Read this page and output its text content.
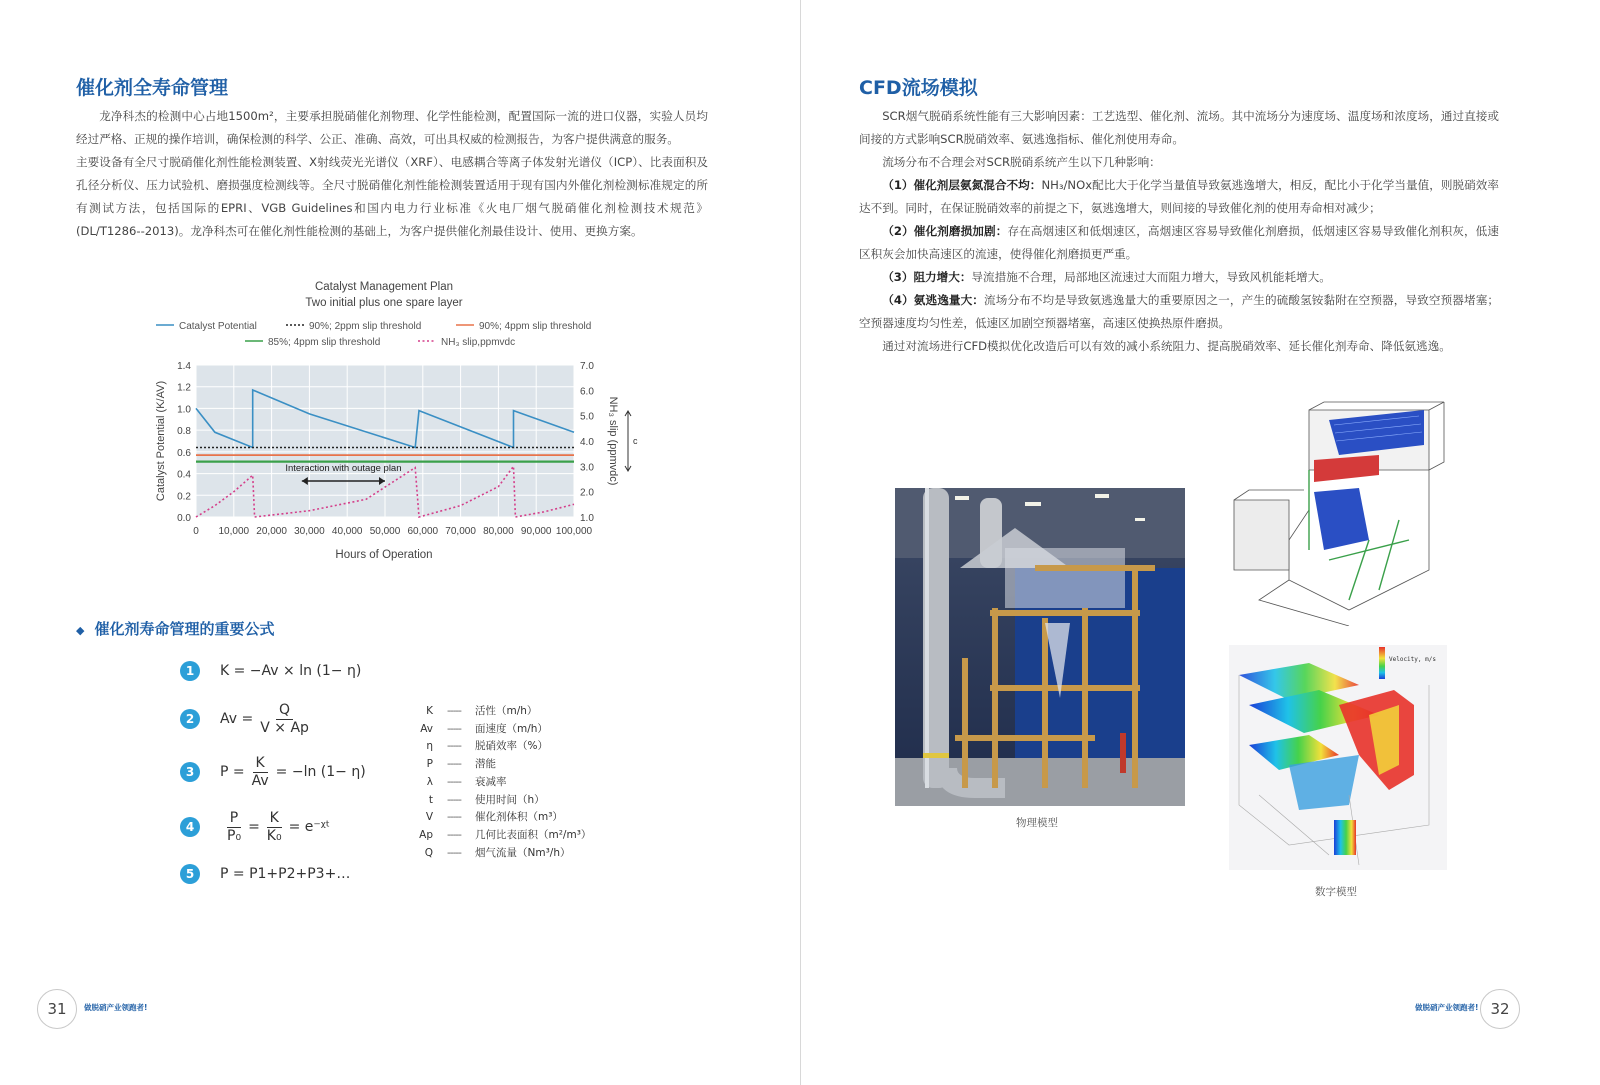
催化剂全寿命管理

龙净科杰的检测中心占地1500m²，主要承担脱硝催化剂物理、化学性能检测，配置国际一流的进口仪器，实验人员均经过严格、正规的操作培训，确保检测的科学、公正、准确、高效，可出具权威的检测报告，为客户提供满意的服务。

主要设备有全尺寸脱硝催化剂性能检测装置、X射线荧光光谱仪（XRF）、电感耦合等离子体发射光谱仪（ICP）、比表面积及孔径分析仪、压力试验机、磨损强度检测线等。全尺寸脱硝催化剂性能检测装置适用于现有国内外催化剂检测标准规定的所有测试方法，包括国际的EPRI、VGB Guidelines和国内电力行业标准《火电厂烟气脱硝催化剂检测技术规范》(DL/T1286--2013)。龙净科杰可在催化剂性能检测的基础上，为客户提供催化剂最佳设计、使用、更换方案。

Catalyst Management Plan
Two initial plus one spare layer
Catalyst Potential	90%; 2ppm slip threshold	90%; 4ppm slip threshold
85%; 4ppm slip threshold	NH₃ slip,ppmvdc
Interaction with outage plan
0 10,000 20,000 30,000 40,000 50,000 60,000 70,000 80,000 90,000 100,000
0.0
0.2
0.4
0.6
0.8
1.0
1.2
1.4
1.0
2.0
3.0
4.0
5.0
6.0
7.0
Hours of Operation
Catalyst Potential (K/AV)	NH₃ slip (ppmvdc) c
◆ 催化剂寿命管理的重要公式
1	K = −Av × ln (1− η)
2	$Av = \frac{Q}{V \times Ap}$
3	$P = \frac{K}{Av} = -\ln$ (1− η)
4	$\frac{P}{\text{P₀}} = \frac{K}{\text{K₀}}$ = e⁻ᵡᵗ
5	P = P1+P2+P3+…
K	-----	活性（m/h）
Av	-----	面速度（m/h）
η	-----	脱硝效率（%）
P	-----	潜能
λ	-----	衰减率
t	-----	使用时间（h）
V	-----	催化剂体积（m³）
Ap	-----	几何比表面积（m²/m³）
Q	-----	烟气流量（Nm³/h）
31	做脱硝产业领跑者!
CFD流场模拟

SCR烟气脱硝系统性能有三大影响因素：工艺选型、催化剂、流场。其中流场分为速度场、温度场和浓度场，通过直接或间接的方式影响SCR脱硝效率、氨逃逸指标、催化剂使用寿命。

流场分布不合理会对SCR脱硝系统产生以下几种影响：

（1）催化剂层氨氮混合不均：NH₃/NOx配比大于化学当量值导致氨逃逸增大，相反，配比小于化学当量值，则脱硝效率达不到。同时，在保证脱硝效率的前提之下，氨逃逸增大，则间接的导致催化剂的使用寿命相对减少；

（2）催化剂磨损加剧：存在高烟速区和低烟速区，高烟速区容易导致催化剂磨损，低烟速区容易导致催化剂积灰，低速区积灰会加快高速区的流速，使得催化剂磨损更严重。

（3）阻力增大：导流措施不合理，局部地区流速过大而阻力增大，导致风机能耗增大。

（4）氨逃逸量大：流场分布不均是导致氨逃逸量大的重要原因之一，产生的硫酸氢铵黏附在空预器，导致空预器堵塞；空预器速度均匀性差，低速区加剧空预器堵塞，高速区使换热原件磨损。

通过对流场进行CFD模拟优化改造后可以有效的减小系统阻力、提高脱硝效率、延长催化剂寿命、降低氨逃逸。

物理模型
Velocity, m/s
数字模型
32
做脱硝产业领跑者!
